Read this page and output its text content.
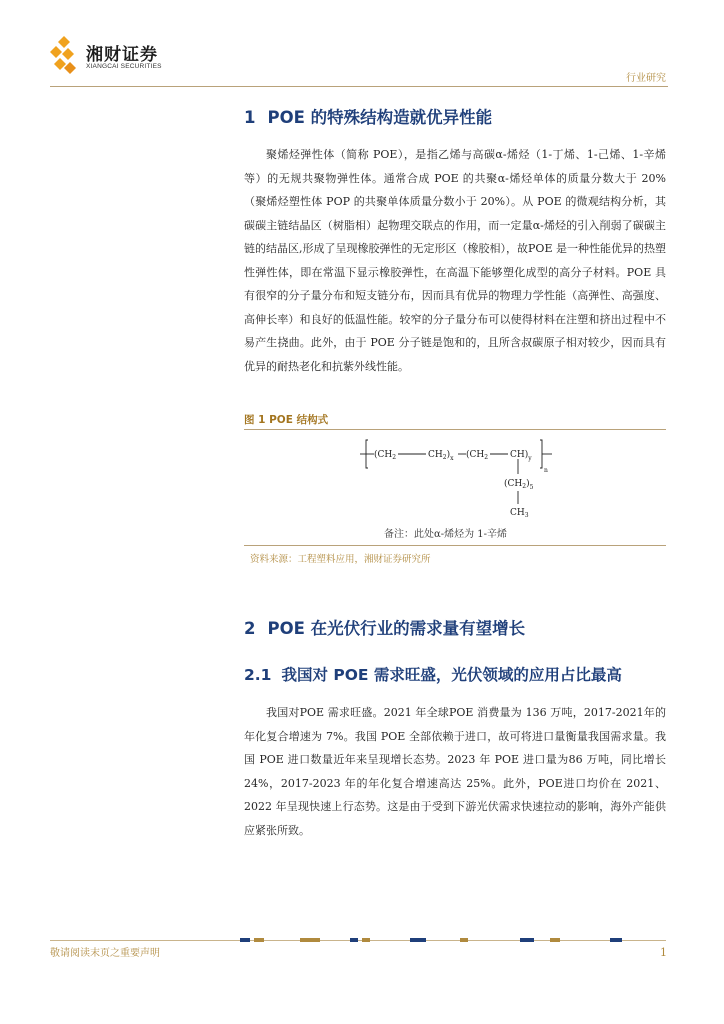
湘财证券
XIANGCAI SECURITIES
行业研究
1 POE 的特殊结构造就优异性能
聚烯烃弹性体（简称 POE），是指乙烯与高碳α-烯烃（1-丁烯、1-己烯、1-辛烯等）的无规共聚物弹性体。通常合成 POE 的共聚α-烯烃单体的质量分数大于 20%（聚烯烃塑性体 POP 的共聚单体质量分数小于 20%）。从 POE 的微观结构分析，其碳碳主链结晶区（树脂相）起物理交联点的作用，而一定量α-烯烃的引入削弱了碳碳主链的结晶区,形成了呈现橡胶弹性的无定形区（橡胶相），故POE 是一种性能优异的热塑性弹性体，即在常温下显示橡胶弹性，在高温下能够塑化成型的高分子材料。POE 具有很窄的分子量分布和短支链分布，因而具有优异的物理力学性能（高弹性、高强度、高伸长率）和良好的低温性能。较窄的分子量分布可以使得材料在注塑和挤出过程中不易产生挠曲。此外，由于 POE 分子链是饱和的，且所含叔碳原子相对较少，因而具有优异的耐热老化和抗紫外线性能。
图 1 POE 结构式
($CH_2$	$CH_2)_x$ ($CH_2$ $CH)_y$
n
$(CH_2)_5$
$CH_3$
备注：此处α-烯烃为 1-辛烯
资料来源：工程塑料应用，湘财证券研究所
2 POE 在光伏行业的需求量有望增长
2.1 我国对 POE 需求旺盛，光伏领域的应用占比最高
我国对POE 需求旺盛。2021 年全球POE 消费量为 136 万吨，2017-2021年的年化复合增速为 7%。我国 POE 全部依赖于进口，故可将进口量衡量我国需求量。我国 POE 进口数量近年来呈现增长态势。2023 年 POE 进口量为86 万吨，同比增长 24%，2017-2023 年的年化复合增速高达 25%。此外，POE进口均价在 2021、2022 年呈现快速上行态势。这是由于受到下游光伏需求快速拉动的影响，海外产能供应紧张所致。
敬请阅读末页之重要声明	1
